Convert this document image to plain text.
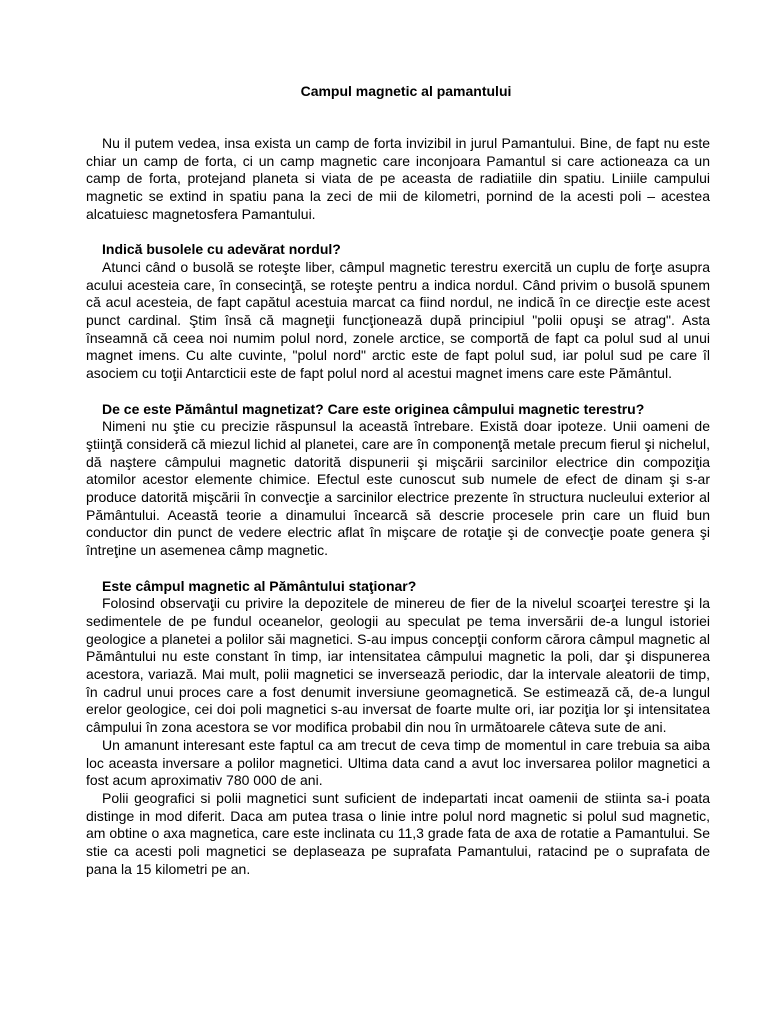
Campul magnetic al pamantului

Nu il putem vedea, insa exista un camp de forta invizibil in jurul Pamantului. Bine, de fapt nu este chiar un camp de forta, ci un camp magnetic care inconjoara Pamantul si care actioneaza ca un camp de forta, protejand planeta si viata de pe aceasta de radiatiile din spatiu. Liniile campului magnetic se extind in spatiu pana la zeci de mii de kilometri, pornind de la acesti poli – acestea alcatuiesc magnetosfera Pamantului.

Indică busolele cu adevărat nordul?

Atunci când o busolă se roteşte liber, câmpul magnetic terestru exercită un cuplu de forţe asupra acului acesteia care, în consecinţă, se roteşte pentru a indica nordul. Când privim o busolă spunem că acul acesteia, de fapt capătul acestuia marcat ca fiind nordul, ne indică în ce direcţie este acest punct cardinal. Ştim însă că magneţii funcţionează după principiul "polii opuşi se atrag". Asta înseamnă că ceea noi numim polul nord, zonele arctice, se comportă de fapt ca polul sud al unui magnet imens. Cu alte cuvinte, "polul nord" arctic este de fapt polul sud, iar polul sud pe care îl asociem cu toţii Antarcticii este de fapt polul nord al acestui magnet imens care este Pământul.

De ce este Pământul magnetizat? Care este originea câmpului magnetic terestru?

Nimeni nu ştie cu precizie răspunsul la această întrebare. Există doar ipoteze. Unii oameni de ştiinţă consideră că miezul lichid al planetei, care are în componenţă metale precum fierul şi nichelul, dă naştere câmpului magnetic datorită dispunerii şi mişcării sarcinilor electrice din compoziţia atomilor acestor elemente chimice. Efectul este cunoscut sub numele de efect de dinam şi s-ar produce datorită mişcării în convecţie a sarcinilor electrice prezente în structura nucleului exterior al Pământului. Această teorie a dinamului încearcă să descrie procesele prin care un fluid bun conductor din punct de vedere electric aflat în mişcare de rotaţie şi de convecţie poate genera şi întreţine un asemenea câmp magnetic.

Este câmpul magnetic al Pământului staţionar?

Folosind observaţii cu privire la depozitele de minereu de fier de la nivelul scoarţei terestre şi la sedimentele de pe fundul oceanelor, geologii au speculat pe tema inversării de-a lungul istoriei geologice a planetei a polilor săi magnetici. S-au impus concepţii conform cărora câmpul magnetic al Pământului nu este constant în timp, iar intensitatea câmpului magnetic la poli, dar şi dispunerea acestora, variază. Mai mult, polii magnetici se inversează periodic, dar la intervale aleatorii de timp, în cadrul unui proces care a fost denumit inversiune geomagnetică. Se estimează că, de-a lungul erelor geologice, cei doi poli magnetici s-au inversat de foarte multe ori, iar poziţia lor şi intensitatea câmpului în zona acestora se vor modifica probabil din nou în următoarele câteva sute de ani.

Un amanunt interesant este faptul ca am trecut de ceva timp de momentul in care trebuia sa aiba loc aceasta inversare a polilor magnetici. Ultima data cand a avut loc inversarea polilor magnetici a fost acum aproximativ 780 000 de ani.

Polii geografici si polii magnetici sunt suficient de indepartati incat oamenii de stiinta sa-i poata distinge in mod diferit. Daca am putea trasa o linie intre polul nord magnetic si polul sud magnetic, am obtine o axa magnetica, care este inclinata cu 11,3 grade fata de axa de rotatie a Pamantului. Se stie ca acesti poli magnetici se deplaseaza pe suprafata Pamantului, ratacind pe o suprafata de pana la 15 kilometri pe an.
